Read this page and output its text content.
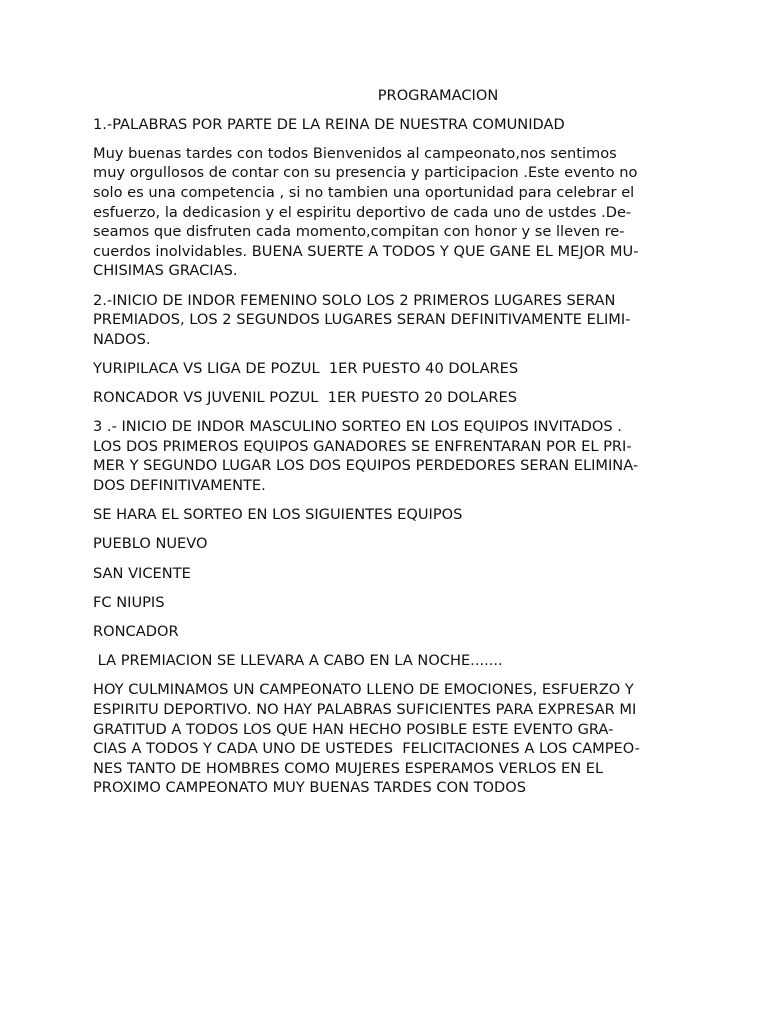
PROGRAMACION
1.-PALABRAS POR PARTE DE LA REINA DE NUESTRA COMUNIDAD
Muy buenas tardes con todos Bienvenidos al campeonato,nos sentimos
muy orgullosos de contar con su presencia y participacion .Este evento no
solo es una competencia , si no tambien una oportunidad para celebrar el
esfuerzo, la dedicasion y el espiritu deportivo de cada uno de ustdes .De-
seamos que disfruten cada momento,compitan con honor y se lleven re-
cuerdos inolvidables. BUENA SUERTE A TODOS Y QUE GANE EL MEJOR MU-
CHISIMAS GRACIAS.
2.-INICIO DE INDOR FEMENINO SOLO LOS 2 PRIMEROS LUGARES SERAN
PREMIADOS, LOS 2 SEGUNDOS LUGARES SERAN DEFINITIVAMENTE ELIMI-
NADOS.
YURIPILACA VS LIGA DE POZUL  1ER PUESTO 40 DOLARES
RONCADOR VS JUVENIL POZUL  1ER PUESTO 20 DOLARES
3 .- INICIO DE INDOR MASCULINO SORTEO EN LOS EQUIPOS INVITADOS .
LOS DOS PRIMEROS EQUIPOS GANADORES SE ENFRENTARAN POR EL PRI-
MER Y SEGUNDO LUGAR LOS DOS EQUIPOS PERDEDORES SERAN ELIMINA-
DOS DEFINITIVAMENTE.
SE HARA EL SORTEO EN LOS SIGUIENTES EQUIPOS
PUEBLO NUEVO
SAN VICENTE
FC NIUPIS
RONCADOR
LA PREMIACION SE LLEVARA A CABO EN LA NOCHE.......
HOY CULMINAMOS UN CAMPEONATO LLENO DE EMOCIONES, ESFUERZO Y
ESPIRITU DEPORTIVO. NO HAY PALABRAS SUFICIENTES PARA EXPRESAR MI
GRATITUD A TODOS LOS QUE HAN HECHO POSIBLE ESTE EVENTO GRA-
CIAS A TODOS Y CADA UNO DE USTEDES  FELICITACIONES A LOS CAMPEO-
NES TANTO DE HOMBRES COMO MUJERES ESPERAMOS VERLOS EN EL
PROXIMO CAMPEONATO MUY BUENAS TARDES CON TODOS
